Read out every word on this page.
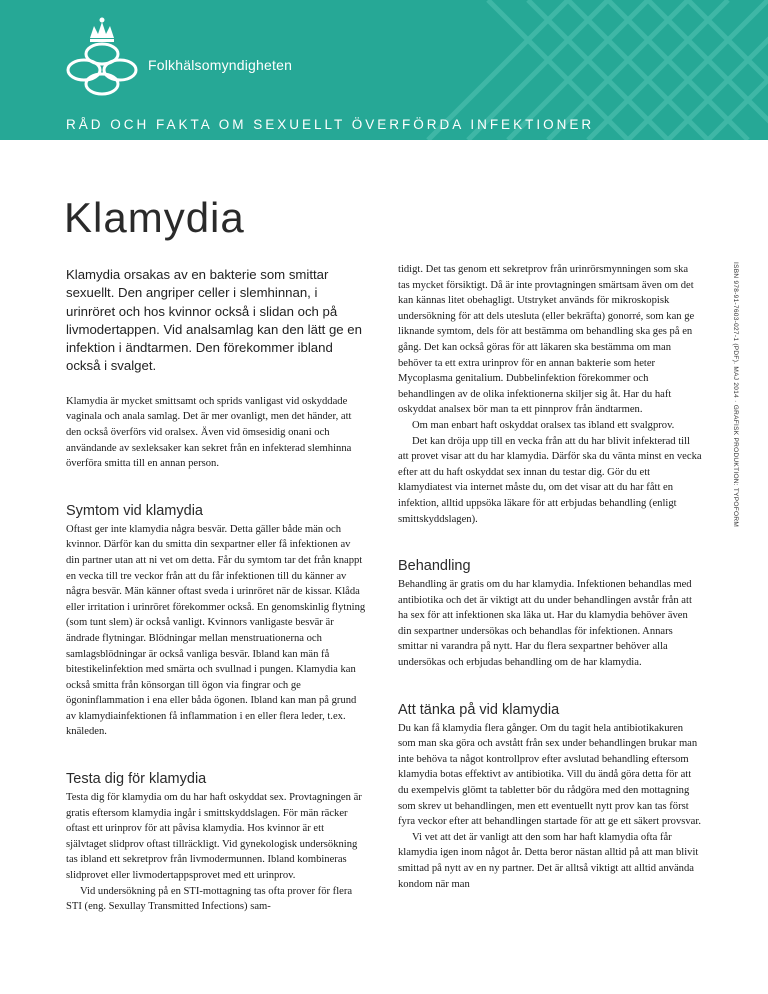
Folkhälsomyndigheten
RÅD OCH FAKTA OM SEXUELLT ÖVERFÖRDA INFEKTIONER
Klamydia

Klamydia orsakas av en bakterie som smittar sexuellt. Den angriper celler i slemhinnan, i urinröret och hos kvinnor också i slidan och på livmodertappen. Vid analsamlag kan den lätt ge en infektion i ändtarmen. Den förekommer ibland också i svalget.

Klamydia är mycket smittsamt och sprids vanligast vid oskyddade vaginala och anala samlag. Det är mer ovanligt, men det händer, att den också överförs vid oralsex. Även vid ömsesidig onani och användande av sexleksaker kan sekret från en infekterad slemhinna överföra smitta till en annan person.

Symtom vid klamydia

Oftast ger inte klamydia några besvär. Detta gäller både män och kvinnor. Därför kan du smitta din sexpartner eller få infektionen av din partner utan att ni vet om detta. Får du symtom tar det från knappt en vecka till tre veckor från att du får infektionen till du känner av några besvär. Män känner oftast sveda i urinröret när de kissar. Klåda eller irritation i urinröret förekommer också. En genomskinlig flytning (som tunt slem) är också vanligt. Kvinnors vanligaste besvär är ändrade flytningar. Blödningar mellan menstruationerna och samlagsblödningar är också vanliga besvär. Ibland kan män få bitestikelinfektion med smärta och svullnad i pungen. Klamydia kan också smitta från könsorgan till ögon via fingrar och ge ögoninflammation i ena eller båda ögonen. Ibland kan man på grund av klamydiainfektionen få inflammation i en eller flera leder, t.ex. knäleden.

Testa dig för klamydia

Testa dig för klamydia om du har haft oskyddat sex. Provtagningen är gratis eftersom klamydia ingår i smittskyddslagen. För män räcker oftast ett urinprov för att påvisa klamydia. Hos kvinnor är ett självtaget slidprov oftast tillräckligt. Vid gynekologisk undersökning tas ibland ett sekretprov från livmodermunnen. Ibland kombineras slidprovet eller livmodertappsprovet med ett urinprov.

Vid undersökning på en STI-mottagning tas ofta prover för flera STI (eng. Sexullay Transmitted Infections) sam-

tidigt. Det tas genom ett sekretprov från urinrörsmynningen som ska tas mycket försiktigt. Då är inte provtagningen smärtsam även om det kan kännas litet obehagligt. Utstryket används för mikroskopisk undersökning för att dels utesluta (eller bekräfta) gonorré, som kan ge liknande symtom, dels för att bestämma om behandling ska ges på en gång. Det kan också göras för att läkaren ska bestämma om man behöver ta ett extra urinprov för en annan bakterie som heter Mycoplasma genitalium. Dubbelinfektion förekommer och behandlingen av de olika infektionerna skiljer sig åt. Har du haft oskyddat analsex bör man ta ett pinnprov från ändtarmen.

Om man enbart haft oskyddat oralsex tas ibland ett svalgprov.

Det kan dröja upp till en vecka från att du har blivit infekterad till att provet visar att du har klamydia. Därför ska du vänta minst en vecka efter att du haft oskyddat sex innan du testar dig. Gör du ett klamydiatest via internet måste du, om det visar att du har fått en infektion, alltid uppsöka läkare för att erbjudas behandling (enligt smittskyddslagen).

Behandling

Behandling är gratis om du har klamydia. Infektionen behandlas med antibiotika och det är viktigt att du under behandlingen avstår från att ha sex för att infektionen ska läka ut. Har du klamydia behöver även din sexpartner undersökas och behandlas för infektionen. Annars smittar ni varandra på nytt. Har du flera sexpartner behöver alla undersökas och erbjudas behandling om de har klamydia.

Att tänka på vid klamydia

Du kan få klamydia flera gånger. Om du tagit hela antibiotikakuren som man ska göra och avstått från sex under behandlingen brukar man inte behöva ta något kontrollprov efter avslutad behandling eftersom klamydia botas effektivt av antibiotika. Vill du ändå göra detta för att du exempelvis glömt ta tabletter bör du rådgöra med den mottagning som skrev ut behandlingen, men ett eventuellt nytt prov kan tas först fyra veckor efter att behandlingen startade för att ge ett säkert provsvar.

Vi vet att det är vanligt att den som har haft klamydia ofta får klamydia igen inom något år. Detta beror nästan alltid på att man blivit smittad på nytt av en ny partner. Det är alltså viktigt att alltid använda kondom när man

ISBN 978-91-7603-027-1 (PDF). MAJ 2014 · GRAFISK PRODUKTION: TYPOFORM
